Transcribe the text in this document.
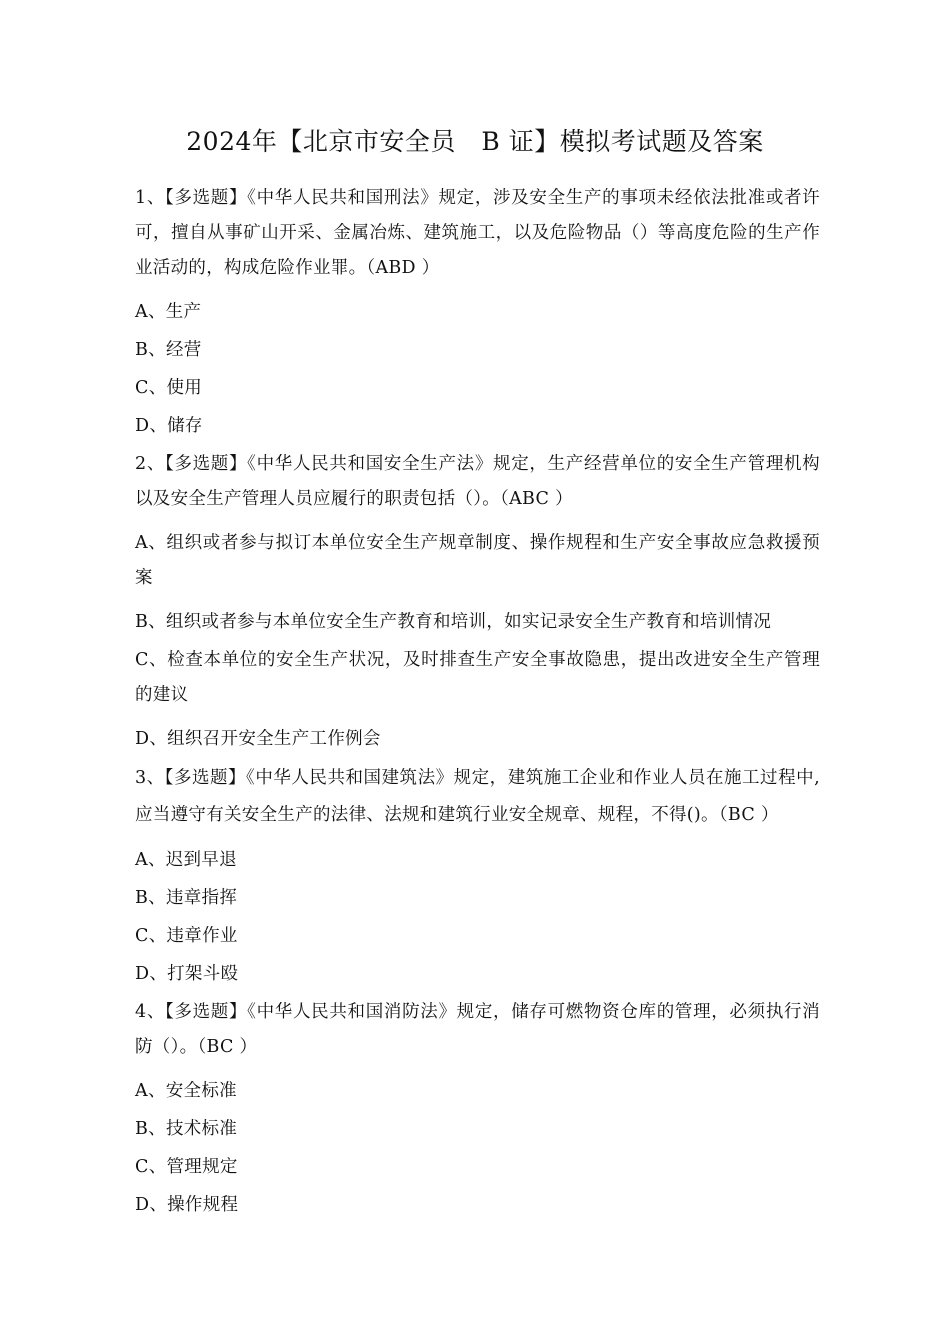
2024年【北京市安全员　B 证】模拟考试题及答案

1、【多选题】《中华人民共和国刑法》规定，涉及安全生产的事项未经依法批准或者许可，擅自从事矿山开采、金属冶炼、建筑施工，以及危险物品（）等高度危险的生产作业活动的，构成危险作业罪。（ABD ）

A、生产

B、经营

C、使用

D、储存

2、【多选题】《中华人民共和国安全生产法》规定，生产经营单位的安全生产管理机构以及安全生产管理人员应履行的职责包括（）。（ABC ）

A、组织或者参与拟订本单位安全生产规章制度、操作规程和生产安全事故应急救援预案

B、组织或者参与本单位安全生产教育和培训，如实记录安全生产教育和培训情况

C、检查本单位的安全生产状况，及时排查生产安全事故隐患，提出改进安全生产管理的建议

D、组织召开安全生产工作例会

3、【多选题】《中华人民共和国建筑法》规定，建筑施工企业和作业人员在施工过程中,应当遵守有关安全生产的法律、法规和建筑行业安全规章、规程，不得()。（BC ）

A、迟到早退

B、违章指挥

C、违章作业

D、打架斗殴

4、【多选题】《中华人民共和国消防法》规定，储存可燃物资仓库的管理，必须执行消防（）。（BC ）

A、安全标准

B、技术标准

C、管理规定

D、操作规程
